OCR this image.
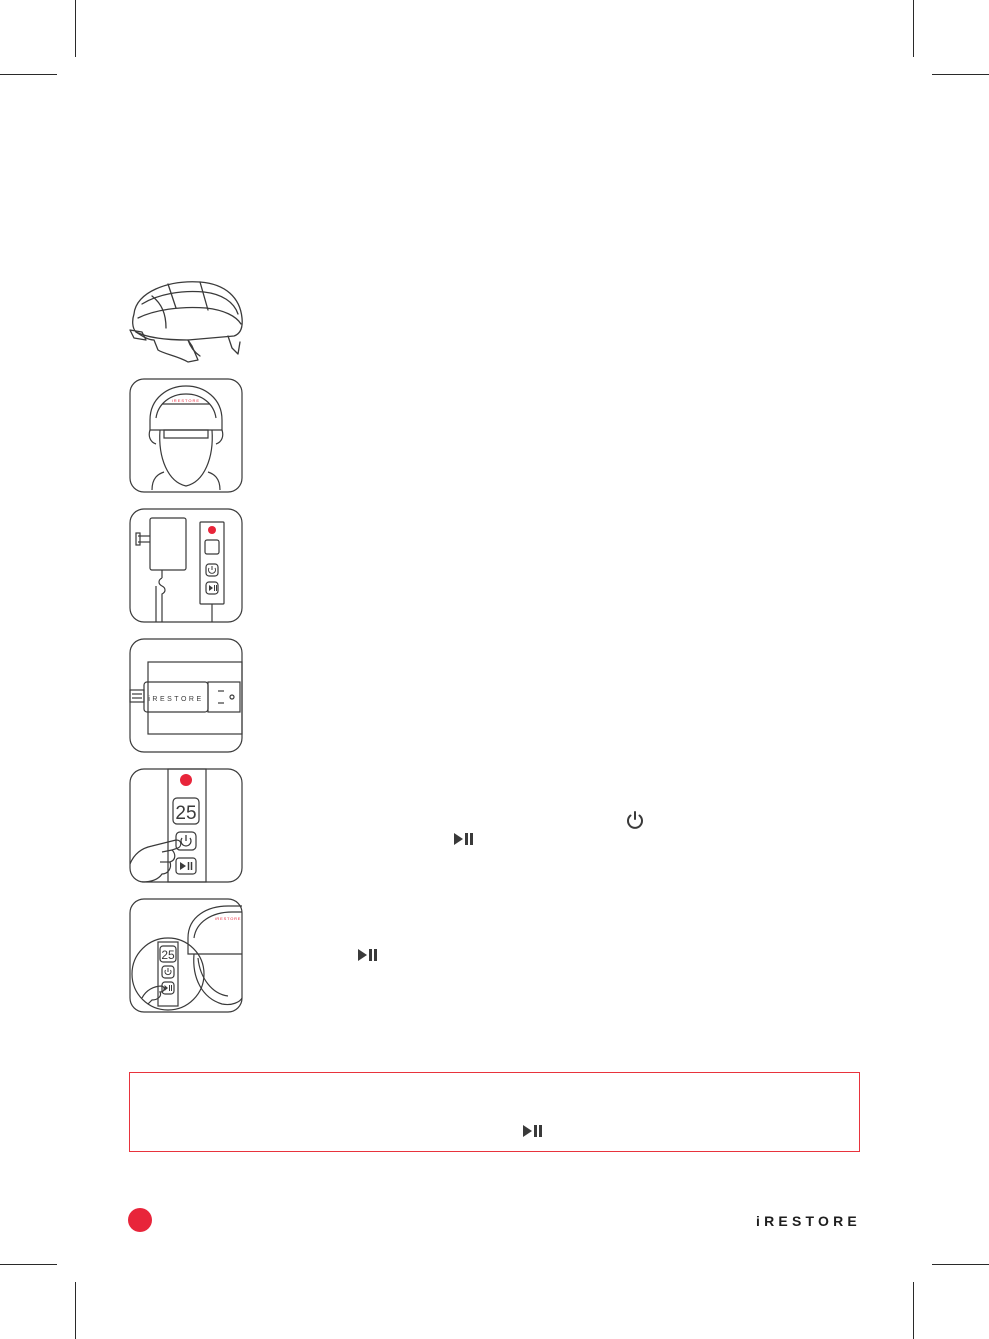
iRESTORE
iRESTORE
25
iRESTORE
25
iRESTORE
